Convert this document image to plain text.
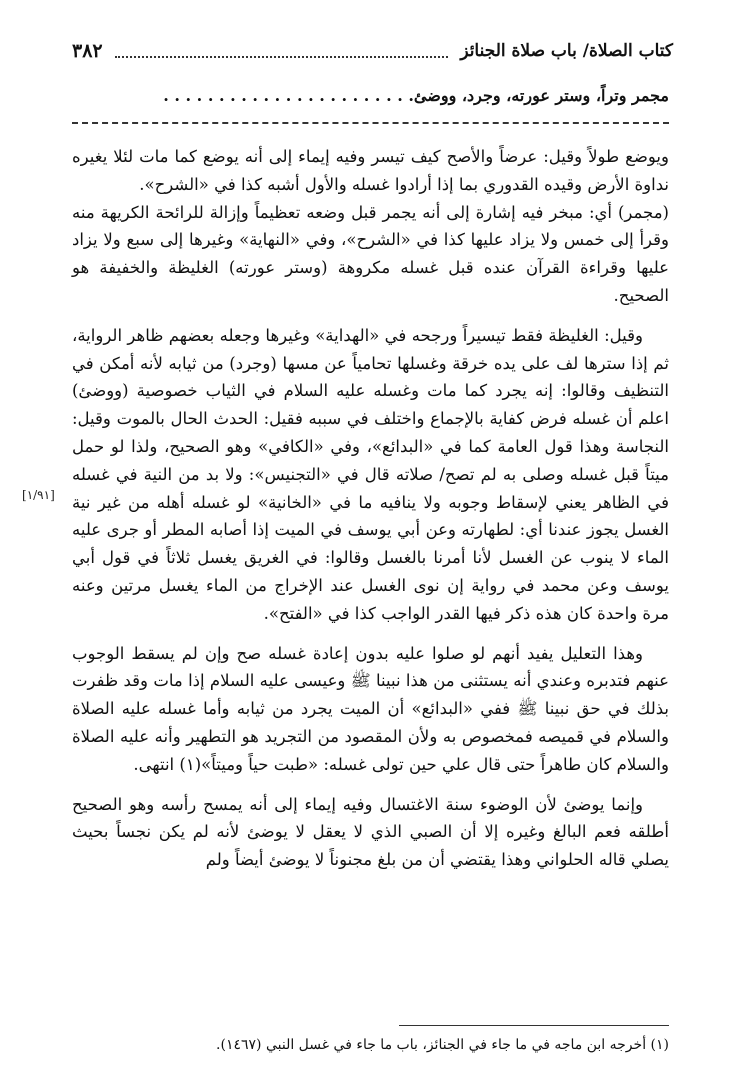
كتاب الصلاة/ باب صلاة الجنائز
٣٨٢
مجمر وتراً، وستر عورته، وجرد، ووضئ. . . . . . . . . . . . . . . . . . . . . . .

ويوضع طولاً وقيل: عرضاً والأصح كيف تيسر وفيه إيماء إلى أنه يوضع كما مات لئلا يغيره نداوة الأرض وقيده القدوري بما إذا أرادوا غسله والأول أشبه كذا في «الشرح».

(مجمر) أي: مبخر فيه إشارة إلى أنه يجمر قبل وضعه تعظيماً وإزالة للرائحة الكريهة منه وقرأ إلى خمس ولا يزاد عليها كذا في «الشرح»، وفي «النهاية» وغيرها إلى سبع ولا يزاد عليها وقراءة القرآن عنده قبل غسله مكروهة (وستر عورته) الغليظة والخفيفة هو الصحيح.

وقيل: الغليظة فقط تيسيراً ورجحه في «الهداية» وغيرها وجعله بعضهم ظاهر الرواية، ثم إذا سترها لف على يده خرقة وغسلها تحامياً عن مسها (وجرد) من ثيابه لأنه أمكن في التنظيف وقالوا: إنه يجرد كما مات وغسله عليه السلام في الثياب خصوصية (ووضئ) اعلم أن غسله فرض كفاية بالإجماع واختلف في سببه فقيل: الحدث الحال بالموت وقيل: النجاسة وهذا قول العامة كما في «البدائع»، وفي «الكافي» وهو الصحيح، ولذا لو حمل ميتاً قبل غسله وصلى به لم تصح/ صلاته قال في «التجنيس»: ولا بد من النية في غسله في الظاهر يعني لإسقاط وجوبه ولا ينافيه ما في «الخانية» لو غسله أهله من غير نية الغسل يجوز عندنا أي: لطهارته وعن أبي يوسف في الميت إذا أصابه المطر أو جرى عليه الماء لا ينوب عن الغسل لأنا أمرنا بالغسل وقالوا: في الغريق يغسل ثلاثاً في قول أبي يوسف وعن محمد في رواية إن نوى الغسل عند الإخراج من الماء يغسل مرتين وعنه مرة واحدة كان هذه ذكر فيها القدر الواجب كذا في «الفتح».

وهذا التعليل يفيد أنهم لو صلوا عليه بدون إعادة غسله صح وإن لم يسقط الوجوب عنهم فتدبره وعندي أنه يستثنى من هذا نبينا ﷺ وعيسى عليه السلام إذا مات وقد ظفرت بذلك في حق نبينا ﷺ ففي «البدائع» أن الميت يجرد من ثيابه وأما غسله عليه الصلاة والسلام في قميصه فمخصوص به ولأن المقصود من التجريد هو التطهير وأنه عليه الصلاة والسلام كان طاهراً حتى قال علي حين تولى غسله: «طبت حياً وميتاً»(١) انتهى.

وإنما يوضئ لأن الوضوء سنة الاغتسال وفيه إيماء إلى أنه يمسح رأسه وهو الصحيح أطلقه فعم البالغ وغيره إلا أن الصبي الذي لا يعقل لا يوضئ لأنه لم يكن نجساً بحيث يصلي قاله الحلواني وهذا يقتضي أن من بلغ مجنوناً لا يوضئ أيضاً ولم

[١/٩١]
(١) أخرجه ابن ماجه في ما جاء في الجنائز، باب ما جاء في غسل النبي (١٤٦٧).
